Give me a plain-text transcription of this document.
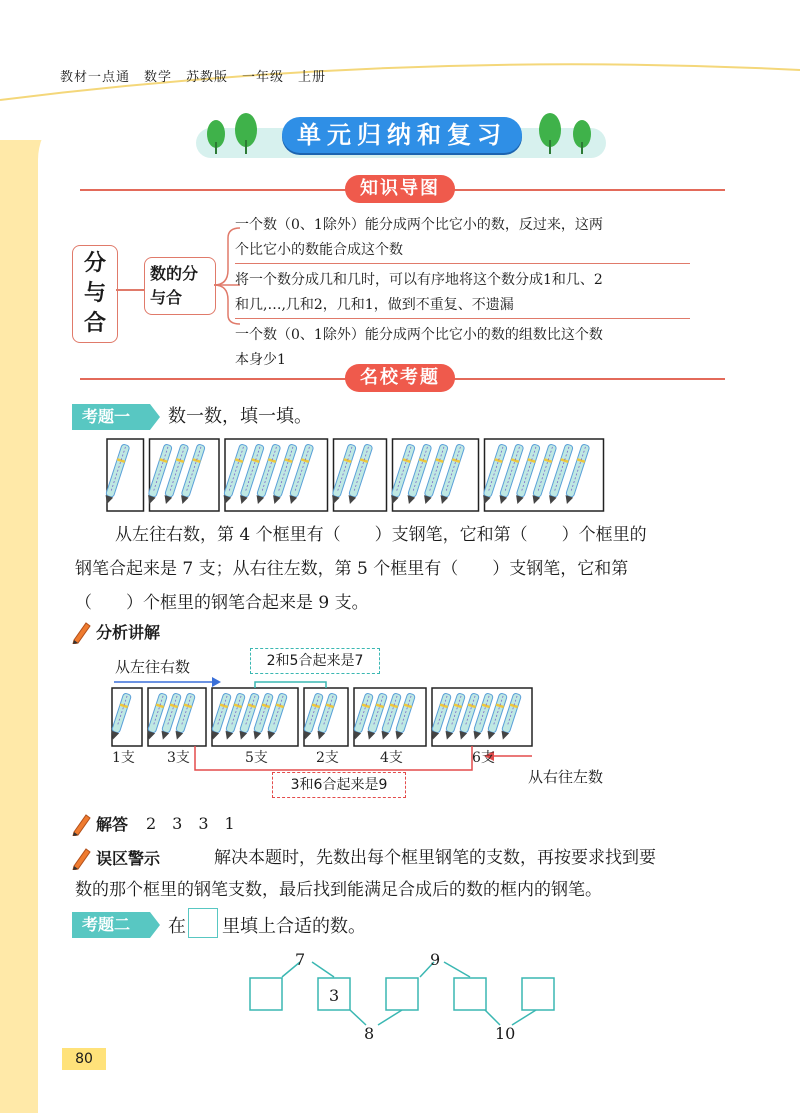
教材一点通　数学　苏教版　一年级　上册
单元归纳和复习
知识导图
分
与
合
数的分
与合
一个数（0、1除外）能分成两个比它小的数，反过来，这两
个比它小的数能合成这个数
将一个数分成几和几时，可以有序地将这个数分成1和几、2
和几,…,几和2，几和1，做到不重复、不遗漏
一个数（0、1除外）能分成两个比它小的数的组数比这个数
本身少1
名校考题
考题一 数一数，填一填。
从左往右数，第 4 个框里有（　　）支钢笔，它和第（　　）个框里的
钢笔合起来是 7 支；从右往左数，第 5 个框里有（　　）支钢笔，它和第
（　　）个框里的钢笔合起来是 9 支。
分析讲解
从左往右数	2和5合起来是7
1支 3支	5支	2支	4支	6支
3和6合起来是9	从右往左数
解答 2　3　3　1
误区警示	解决本题时，先数出每个框里钢笔的支数，再按要求找到要
数的那个框里的钢笔支数，最后找到能满足合成后的数的框内的钢笔。
考题二 在 里填上合适的数。
7
3
8
9
10
80
